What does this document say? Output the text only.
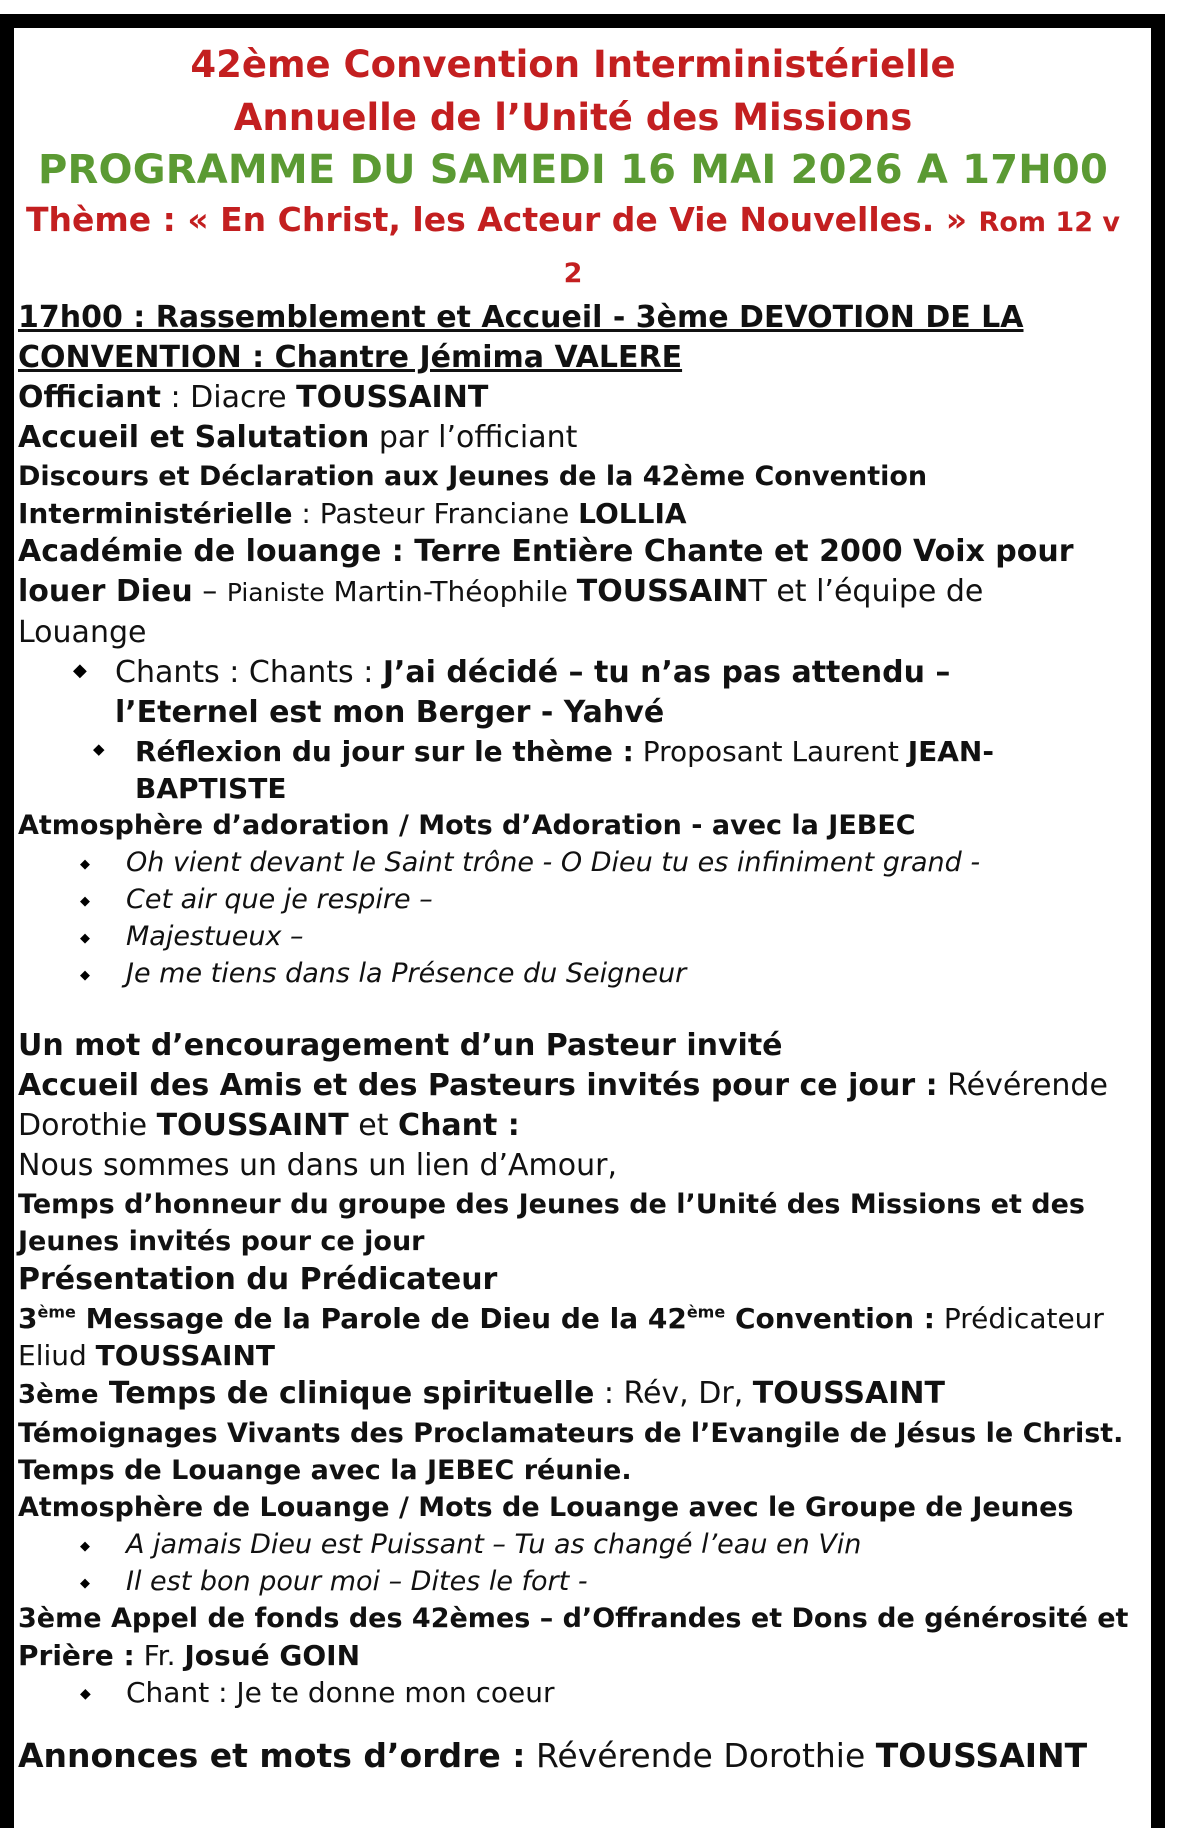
42ème Convention Interministérielle
Annuelle de l’Unité des Missions
PROGRAMME DU SAMEDI 16 MAI 2026 A 17H00
Thème : « En Christ, les Acteur de Vie Nouvelles. » Rom 12 v 2
17h00 : Rassemblement et Accueil - 3ème DEVOTION DE LA
CONVENTION : Chantre Jémima VALERE
Officiant : Diacre TOUSSAINT
Accueil et Salutation par l’officiant
Discours et Déclaration aux Jeunes de la 42ème Convention
Interministérielle : Pasteur Franciane LOLLIA
Académie de louange : Terre Entière Chante et 2000 Voix pour
louer Dieu – Pianiste Martin-Théophile TOUSSAINT et l’équipe de
Louange
◆ Chants : Chants : J’ai décidé – tu n’as pas attendu –
l’Eternel est mon Berger - Yahvé
◆ Réflexion du jour sur le thème : Proposant Laurent JEAN-
BAPTISTE
Atmosphère d’adoration / Mots d’Adoration - avec la JEBEC
◆ Oh vient devant le Saint trône - O Dieu tu es infiniment grand -
◆ Cet air que je respire –
◆ Majestueux –
◆ Je me tiens dans la Présence du Seigneur
Un mot d’encouragement d’un Pasteur invité
Accueil des Amis et des Pasteurs invités pour ce jour : Révérende
Dorothie TOUSSAINT et Chant :
Nous sommes un dans un lien d’Amour,
Temps d’honneur du groupe des Jeunes de l’Unité des Missions et des
Jeunes invités pour ce jour
Présentation du Prédicateur
3ème Message de la Parole de Dieu de la 42ème Convention : Prédicateur
Eliud TOUSSAINT
3ème Temps de clinique spirituelle : Rév, Dr, TOUSSAINT
Témoignages Vivants des Proclamateurs de l’Evangile de Jésus le Christ.
Temps de Louange avec la JEBEC réunie.
Atmosphère de Louange / Mots de Louange avec le Groupe de Jeunes
◆ A jamais Dieu est Puissant – Tu as changé l’eau en Vin
◆ Il est bon pour moi – Dites le fort -
3ème Appel de fonds des 42èmes – d’Offrandes et Dons de générosité et
Prière : Fr. Josué GOIN
◆ Chant : Je te donne mon coeur
Annonces et mots d’ordre : Révérende Dorothie TOUSSAINT
